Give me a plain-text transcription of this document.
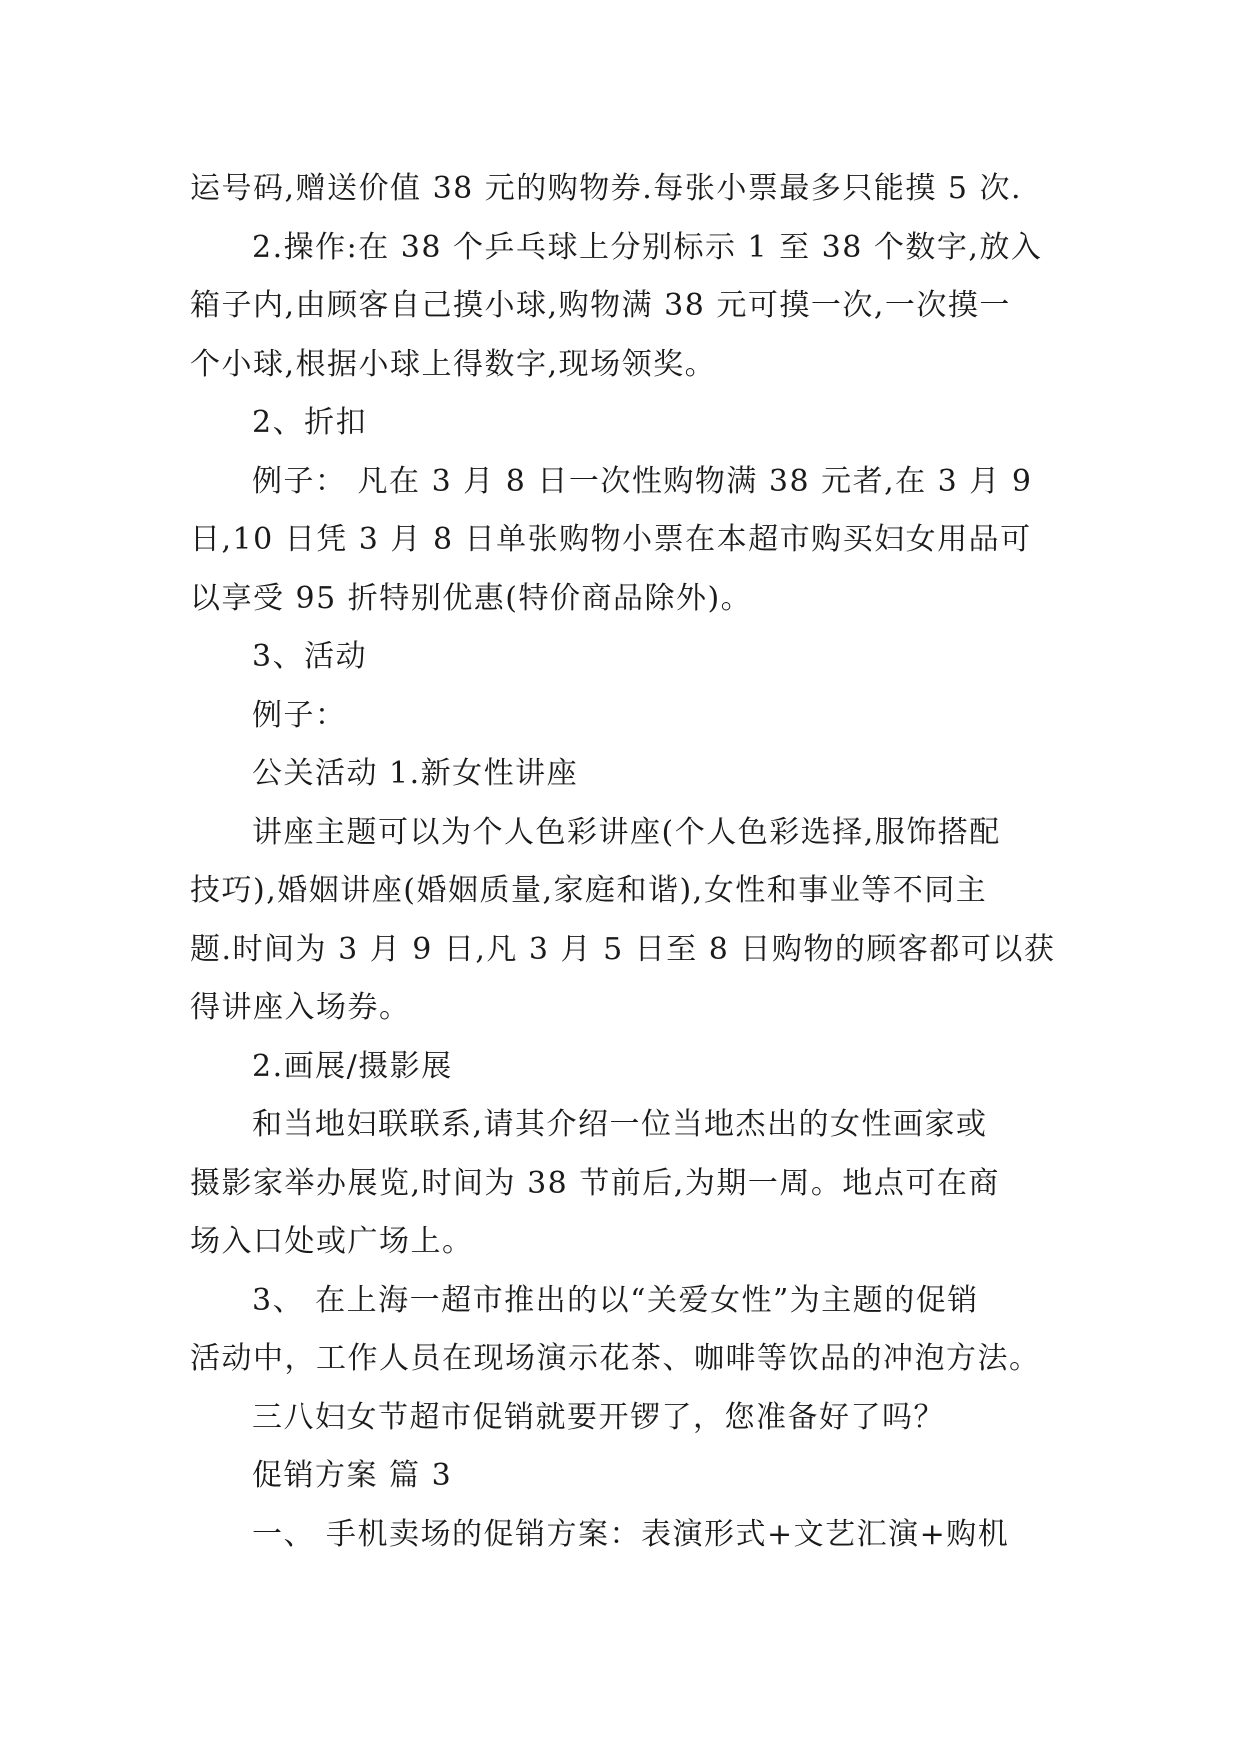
运号码,赠送价值 38 元的购物券.每张小票最多只能摸 5 次.
2.操作:在 38 个乒乓球上分别标示 1 至 38 个数字,放入
箱子内,由顾客自己摸小球,购物满 38 元可摸一次,一次摸一
个小球,根据小球上得数字,现场领奖。
2、折扣
例子： 凡在 3 月 8 日一次性购物满 38 元者,在 3 月 9
日,10 日凭 3 月 8 日单张购物小票在本超市购买妇女用品可
以享受 95 折特别优惠(特价商品除外)。
3、活动
例子：
公关活动 1.新女性讲座
讲座主题可以为个人色彩讲座(个人色彩选择,服饰搭配
技巧),婚姻讲座(婚姻质量,家庭和谐),女性和事业等不同主
题.时间为 3 月 9 日,凡 3 月 5 日至 8 日购物的顾客都可以获
得讲座入场券。
2.画展/摄影展
和当地妇联联系,请其介绍一位当地杰出的女性画家或
摄影家举办展览,时间为 38 节前后,为期一周。地点可在商
场入口处或广场上。
3、 在上海一超市推出的以“关爱女性”为主题的促销
活动中，工作人员在现场演示花茶、咖啡等饮品的冲泡方法。
三八妇女节超市促销就要开锣了，您准备好了吗？
促销方案 篇 3
一、 手机卖场的促销方案：表演形式+文艺汇演+购机
